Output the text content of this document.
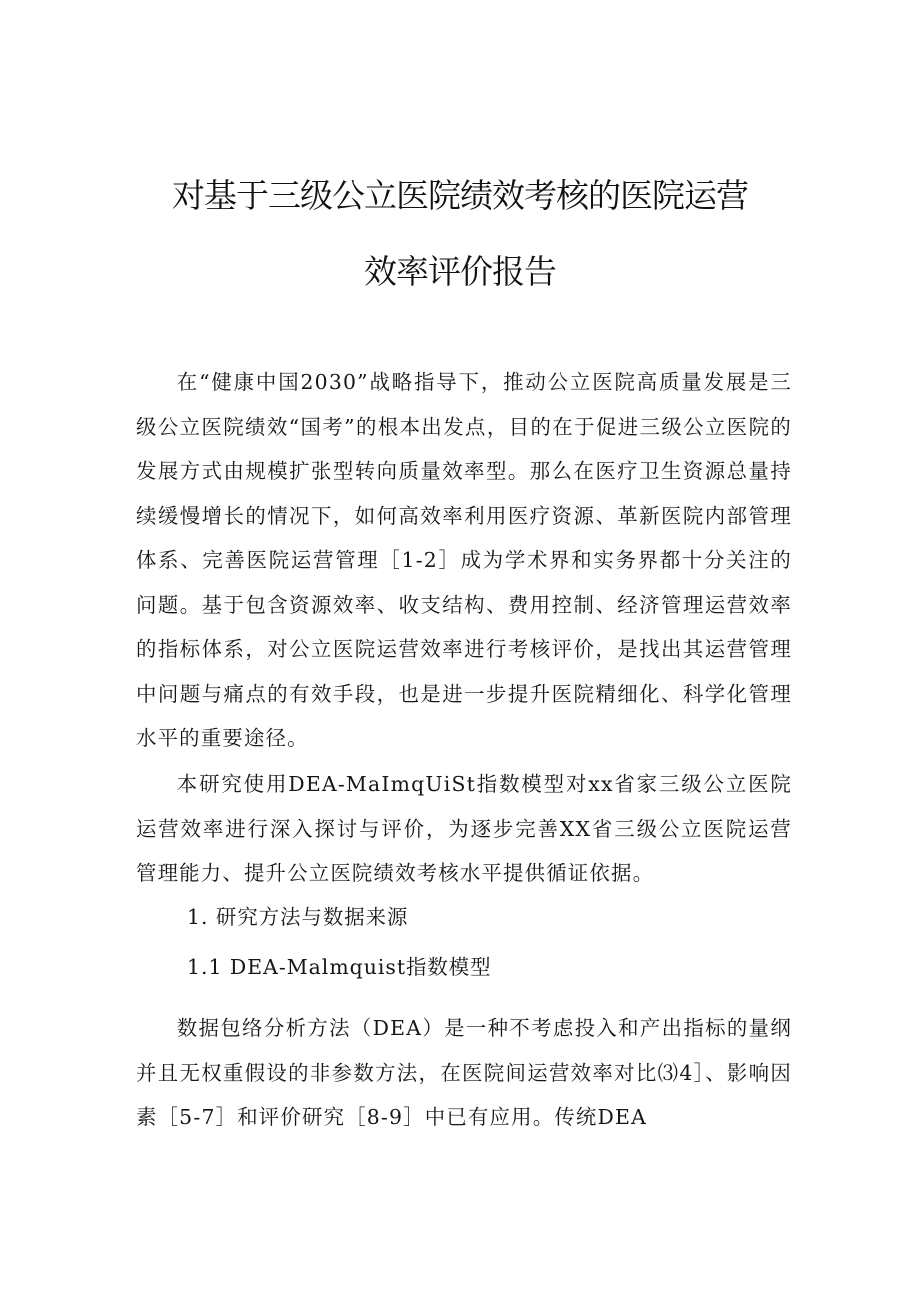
对基于三级公立医院绩效考核的医院运营
效率评价报告

在“健康中国2030”战略指导下，推动公立医院高质量发展是三级公立医院绩效“国考”的根本出发点，目的在于促进三级公立医院的发展方式由规模扩张型转向质量效率型。那么在医疗卫生资源总量持续缓慢增长的情况下，如何高效率利用医疗资源、革新医院内部管理体系、完善医院运营管理［1-2］成为学术界和实务界都十分关注的问题。基于包含资源效率、收支结构、费用控制、经济管理运营效率的指标体系，对公立医院运营效率进行考核评价，是找出其运营管理中问题与痛点的有效手段，也是进一步提升医院精细化、科学化管理水平的重要途径。

本研究使用DEA-MaImqUiSt指数模型对xx省家三级公立医院运营效率进行深入探讨与评价，为逐步完善XX省三级公立医院运营管理能力、提升公立医院绩效考核水平提供循证依据。

1. 研究方法与数据来源

1.1 DEA-Malmquist指数模型

数据包络分析方法（DEA）是一种不考虑投入和产出指标的量纲并且无权重假设的非参数方法，在医院间运营效率对比⑶4］、影响因素［5-7］和评价研究［8-9］中已有应用。传统DEA
